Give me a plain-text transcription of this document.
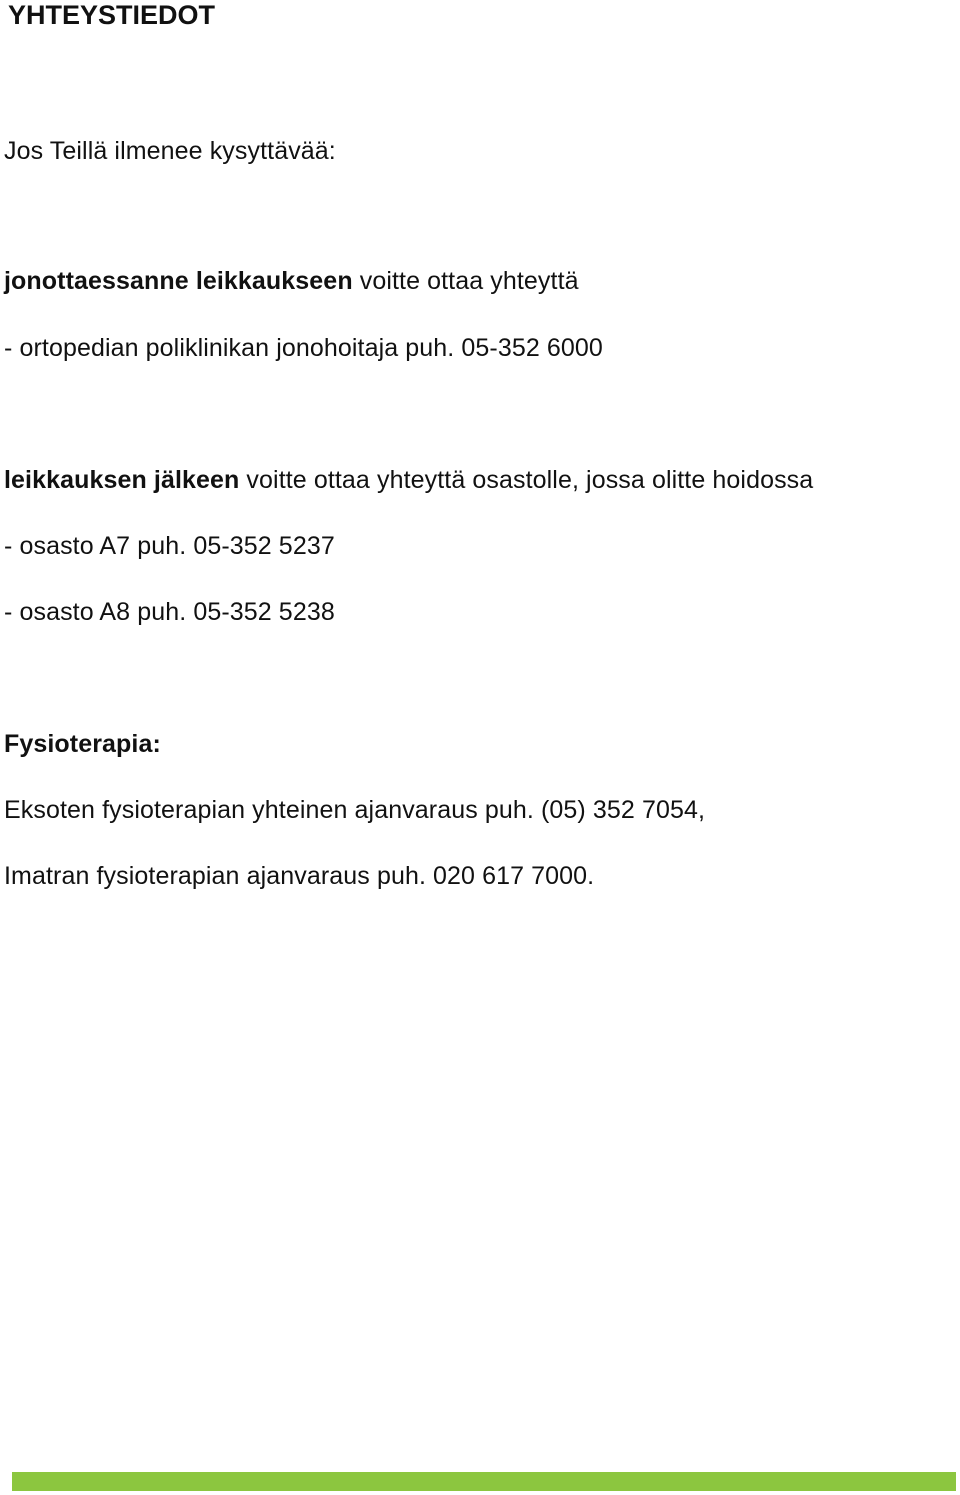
YHTEYSTIEDOT
Jos Teillä ilmenee kysyttävää:
jonottaessanne leikkaukseen voitte ottaa yhteyttä
- ortopedian poliklinikan jonohoitaja puh. 05-352 6000
leikkauksen jälkeen voitte ottaa yhteyttä osastolle, jossa olitte hoidossa
- osasto A7 puh. 05-352 5237
- osasto A8 puh. 05-352 5238
Fysioterapia:
Eksoten fysioterapian yhteinen ajanvaraus puh. (05) 352 7054,
Imatran fysioterapian ajanvaraus puh. 020 617 7000.
